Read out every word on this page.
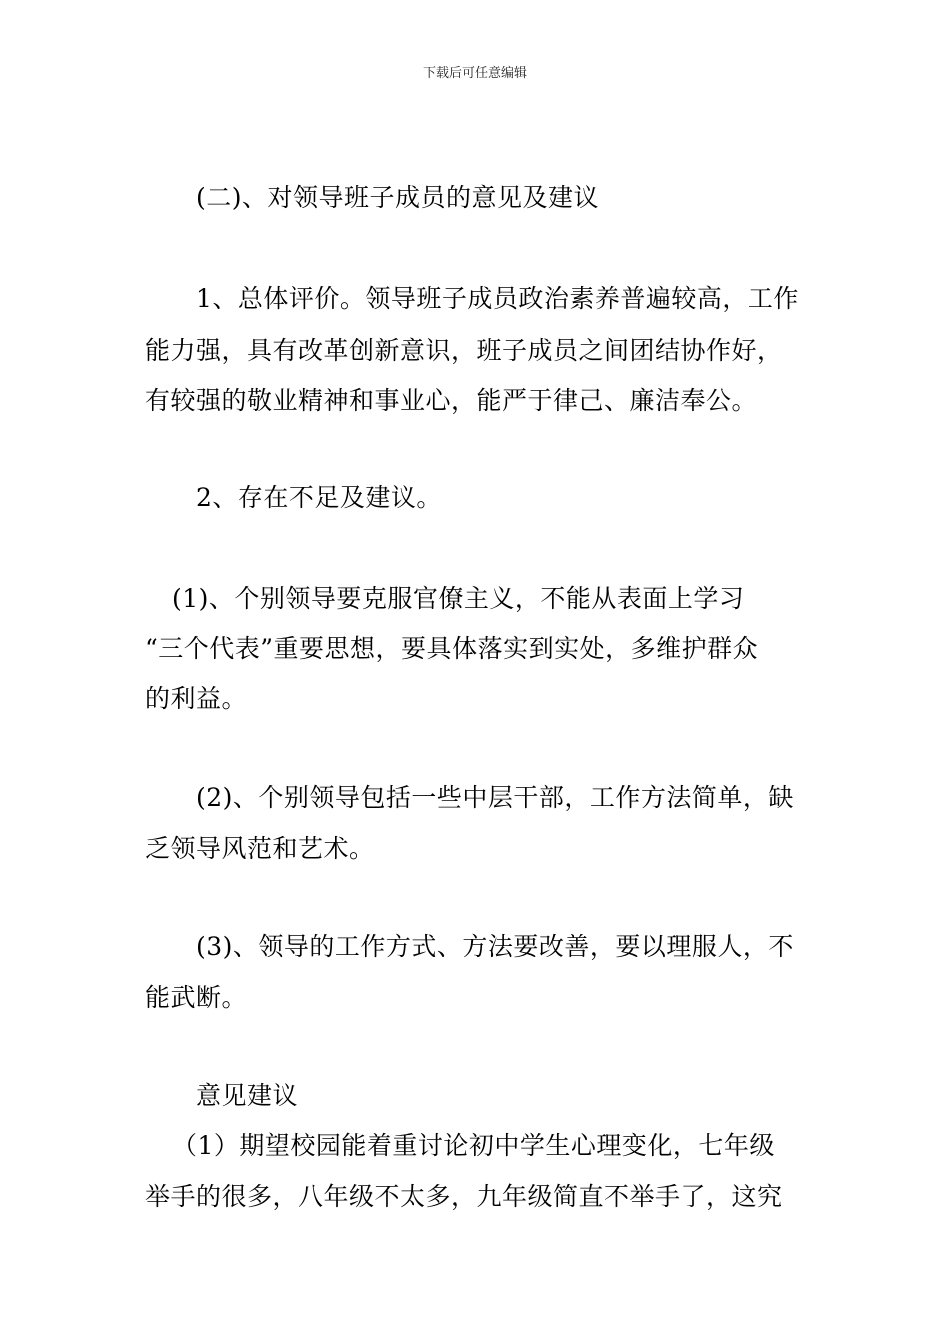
下载后可任意编辑
(二)、对领导班子成员的意见及建议
1、总体评价。领导班子成员政治素养普遍较高，工作
能力强，具有改革创新意识，班子成员之间团结协作好，
有较强的敬业精神和事业心，能严于律己、廉洁奉公。
2、存在不足及建议。
(1)、个别领导要克服官僚主义，不能从表面上学习
“三个代表”重要思想，要具体落实到实处，多维护群众
的利益。
(2)、个别领导包括一些中层干部，工作方法简单，缺
乏领导风范和艺术。
(3)、领导的工作方式、方法要改善，要以理服人，不
能武断。
意见建议
（1）期望校园能着重讨论初中学生心理变化，七年级
举手的很多，八年级不太多，九年级简直不举手了，这究
